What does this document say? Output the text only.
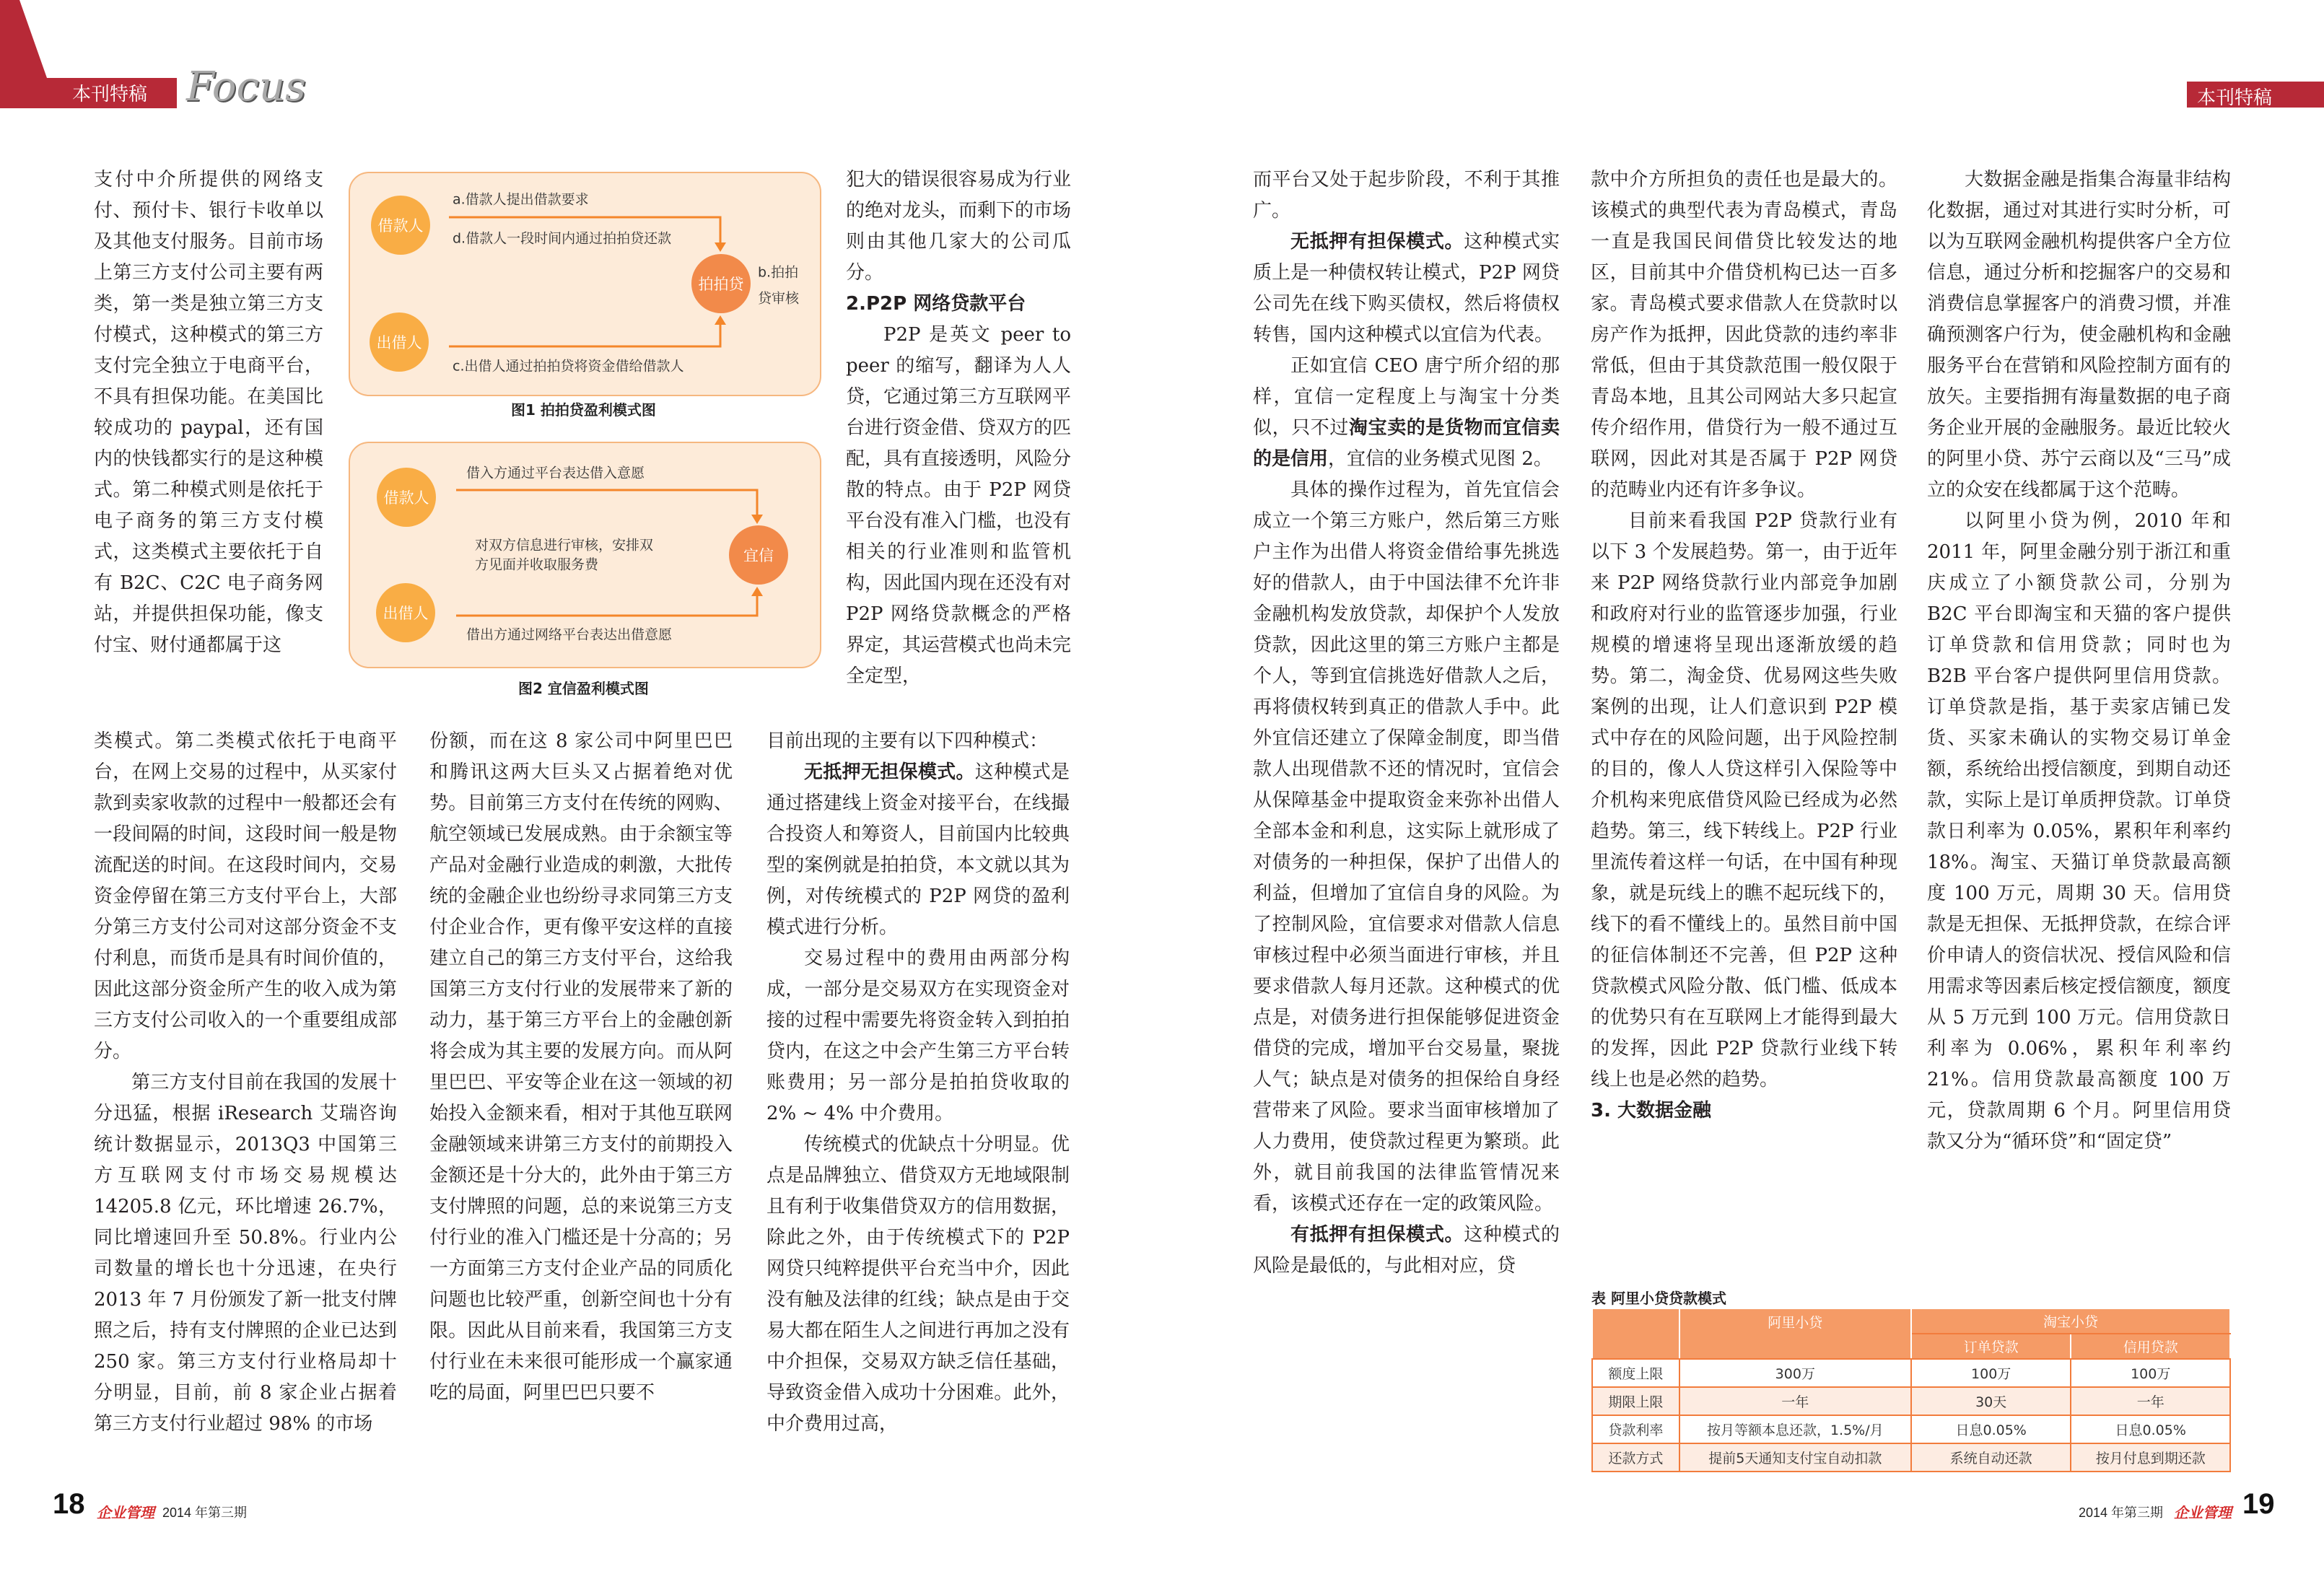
本刊特稿 Focus	本刊特稿

支付中介所提供的网络支付、预付卡、银行卡收单以及其他支付服务。目前市场上第三方支付公司主要有两类，第一类是独立第三方支付模式，这种模式的第三方支付完全独立于电商平台，不具有担保功能。在美国比较成功的 paypal，还有国内的快钱都实行的是这种模式。第二种模式则是依托于电子商务的第三方支付模式，这类模式主要依托于自有 B2C、C2C 电子商务网站，并提供担保功能，像支付宝、财付通都属于这

类模式。第二类模式依托于电商平台，在网上交易的过程中，从买家付款到卖家收款的过程中一般都还会有一段间隔的时间，这段时间一般是物流配送的时间。在这段时间内，交易资金停留在第三方支付平台上，大部分第三方支付公司对这部分资金不支付利息，而货币是具有时间价值的，因此这部分资金所产生的收入成为第三方支付公司收入的一个重要组成部分。

第三方支付目前在我国的发展十分迅猛，根据 iResearch 艾瑞咨询统计数据显示，2013Q3 中国第三方互联网支付市场交易规模达 14205.8 亿元，环比增速 26.7%，同比增速回升至 50.8%。行业内公司数量的增长也十分迅速，在央行 2013 年 7 月份颁发了新一批支付牌照之后，持有支付牌照的企业已达到 250 家。第三方支付行业格局却十分明显，目前，前 8 家企业占据着第三方支付行业超过 98% 的市场

份额，而在这 8 家公司中阿里巴巴和腾讯这两大巨头又占据着绝对优势。目前第三方支付在传统的网购、航空领域已发展成熟。由于余额宝等产品对金融行业造成的刺激，大批传统的金融企业也纷纷寻求同第三方支付企业合作，更有像平安这样的直接建立自己的第三方支付平台，这给我国第三方支付行业的发展带来了新的动力，基于第三方平台上的金融创新将会成为其主要的发展方向。而从阿里巴巴、平安等企业在这一领域的初始投入金额来看，相对于其他互联网金融领域来讲第三方支付的前期投入金额还是十分大的，此外由于第三方支付牌照的问题，总的来说第三方支付行业的准入门槛还是十分高的；另一方面第三方支付企业产品的同质化问题也比较严重，创新空间也十分有限。因此从目前来看，我国第三方支付行业在未来很可能形成一个赢家通吃的局面，阿里巴巴只要不

犯大的错误很容易成为行业的绝对龙头，而剩下的市场则由其他几家大的公司瓜分。

2.P2P 网络贷款平台

P2P 是英文 peer to peer 的缩写，翻译为人人贷，它通过第三方互联网平台进行资金借、贷双方的匹配，具有直接透明，风险分散的特点。由于 P2P 网贷平台没有准入门槛，也没有相关的行业准则和监管机构，因此国内现在还没有对 P2P 网络贷款概念的严格界定，其运营模式也尚未完全定型，

目前出现的主要有以下四种模式：

无抵押无担保模式。这种模式是通过搭建线上资金对接平台，在线撮合投资人和筹资人，目前国内比较典型的案例就是拍拍贷，本文就以其为例，对传统模式的 P2P 网贷的盈利模式进行分析。

交易过程中的费用由两部分构成，一部分是交易双方在实现资金对接的过程中需要先将资金转入到拍拍贷内，在这之中会产生第三方平台转账费用；另一部分是拍拍贷收取的 2% ~ 4% 中介费用。

传统模式的优缺点十分明显。优点是品牌独立、借贷双方无地域限制且有利于收集借贷双方的信用数据，除此之外，由于传统模式下的 P2P 网贷只纯粹提供平台充当中介，因此没有触及法律的红线；缺点是由于交易大都在陌生人之间进行再加之没有中介担保，交易双方缺乏信任基础，导致资金借入成功十分困难。此外，中介费用过高，

而平台又处于起步阶段，不利于其推广。

无抵押有担保模式。这种模式实质上是一种债权转让模式，P2P 网贷公司先在线下购买债权，然后将债权转售，国内这种模式以宜信为代表。

正如宜信 CEO 唐宁所介绍的那样，宜信一定程度上与淘宝十分类似，只不过淘宝卖的是货物而宜信卖的是信用，宜信的业务模式见图 2。

具体的操作过程为，首先宜信会成立一个第三方账户，然后第三方账户主作为出借人将资金借给事先挑选好的借款人，由于中国法律不允许非金融机构发放贷款，却保护个人发放贷款，因此这里的第三方账户主都是个人，等到宜信挑选好借款人之后，再将债权转到真正的借款人手中。此外宜信还建立了保障金制度，即当借款人出现借款不还的情况时，宜信会从保障基金中提取资金来弥补出借人全部本金和利息，这实际上就形成了对债务的一种担保，保护了出借人的利益，但增加了宜信自身的风险。为了控制风险，宜信要求对借款人信息审核过程中必须当面进行审核，并且要求借款人每月还款。这种模式的优点是，对债务进行担保能够促进资金借贷的完成，增加平台交易量，聚拢人气；缺点是对债务的担保给自身经营带来了风险。要求当面审核增加了人力费用，使贷款过程更为繁琐。此外，就目前我国的法律监管情况来看，该模式还存在一定的政策风险。

有抵押有担保模式。这种模式的风险是最低的，与此相对应，贷

款中介方所担负的责任也是最大的。该模式的典型代表为青岛模式，青岛一直是我国民间借贷比较发达的地区，目前其中介借贷机构已达一百多家。青岛模式要求借款人在贷款时以房产作为抵押，因此贷款的违约率非常低，但由于其贷款范围一般仅限于青岛本地，且其公司网站大多只起宣传介绍作用，借贷行为一般不通过互联网，因此对其是否属于 P2P 网贷的范畴业内还有许多争议。

目前来看我国 P2P 贷款行业有以下 3 个发展趋势。第一，由于近年来 P2P 网络贷款行业内部竞争加剧和政府对行业的监管逐步加强，行业规模的增速将呈现出逐渐放缓的趋势。第二，淘金贷、优易网这些失败案例的出现，让人们意识到 P2P 模式中存在的风险问题，出于风险控制的目的，像人人贷这样引入保险等中介机构来兜底借贷风险已经成为必然趋势。第三，线下转线上。P2P 行业里流传着这样一句话，在中国有种现象，就是玩线上的瞧不起玩线下的，线下的看不懂线上的。虽然目前中国的征信体制还不完善，但 P2P 这种贷款模式风险分散、低门槛、低成本的优势只有在互联网上才能得到最大的发挥，因此 P2P 贷款行业线下转线上也是必然的趋势。

3. 大数据金融

大数据金融是指集合海量非结构化数据，通过对其进行实时分析，可以为互联网金融机构提供客户全方位信息，通过分析和挖掘客户的交易和消费信息掌握客户的消费习惯，并准确预测客户行为，使金融机构和金融服务平台在营销和风险控制方面有的放矢。主要指拥有海量数据的电子商务企业开展的金融服务。最近比较火的阿里小贷、苏宁云商以及“三马”成立的众安在线都属于这个范畴。

以阿里小贷为例，2010 年和 2011 年，阿里金融分别于浙江和重庆成立了小额贷款公司，分别为 B2C 平台即淘宝和天猫的客户提供订单贷款和信用贷款；同时也为 B2B 平台客户提供阿里信用贷款。订单贷款是指，基于卖家店铺已发货、买家未确认的实物交易订单金额，系统给出授信额度，到期自动还款，实际上是订单质押贷款。订单贷款日利率为 0.05%，累积年利率约 18%。淘宝、天猫订单贷款最高额度 100 万元，周期 30 天。信用贷款是无担保、无抵押贷款，在综合评价申请人的资信状况、授信风险和信用需求等因素后核定授信额度，额度从 5 万元到 100 万元。信用贷款日利率为 0.06%，累积年利率约 21%。信用贷款最高额度 100 万元，贷款周期 6 个月。阿里信用贷款又分为“循环贷”和“固定贷”

借款人
出借人
拍拍贷
a.借款人提出借款要求
d.借款人一段时间内通过拍拍贷还款
c.出借人通过拍拍贷将资金借给借款人
b.拍拍
贷审核
图1 拍拍贷盈利模式图
借款人
出借人
宜信
借入方通过平台表达借入意愿
对双方信息进行审核，安排双
方见面并收取服务费
借出方通过网络平台表达出借意愿
图2 宜信盈利模式图
表 阿里小贷贷款模式
	阿里小贷	淘宝小贷	
		订单贷款	信用贷款
额度上限	300万	100万	100万
期限上限	一年	30天	一年
贷款利率	按月等额本息还款，1.5%/月	日息0.05%	日息0.05%
还款方式	提前5天通知支付宝自动扣款	系统自动还款	按月付息到期还款
18 企业管理 2014 年第三期	2014 年第三期 企业管理 19
